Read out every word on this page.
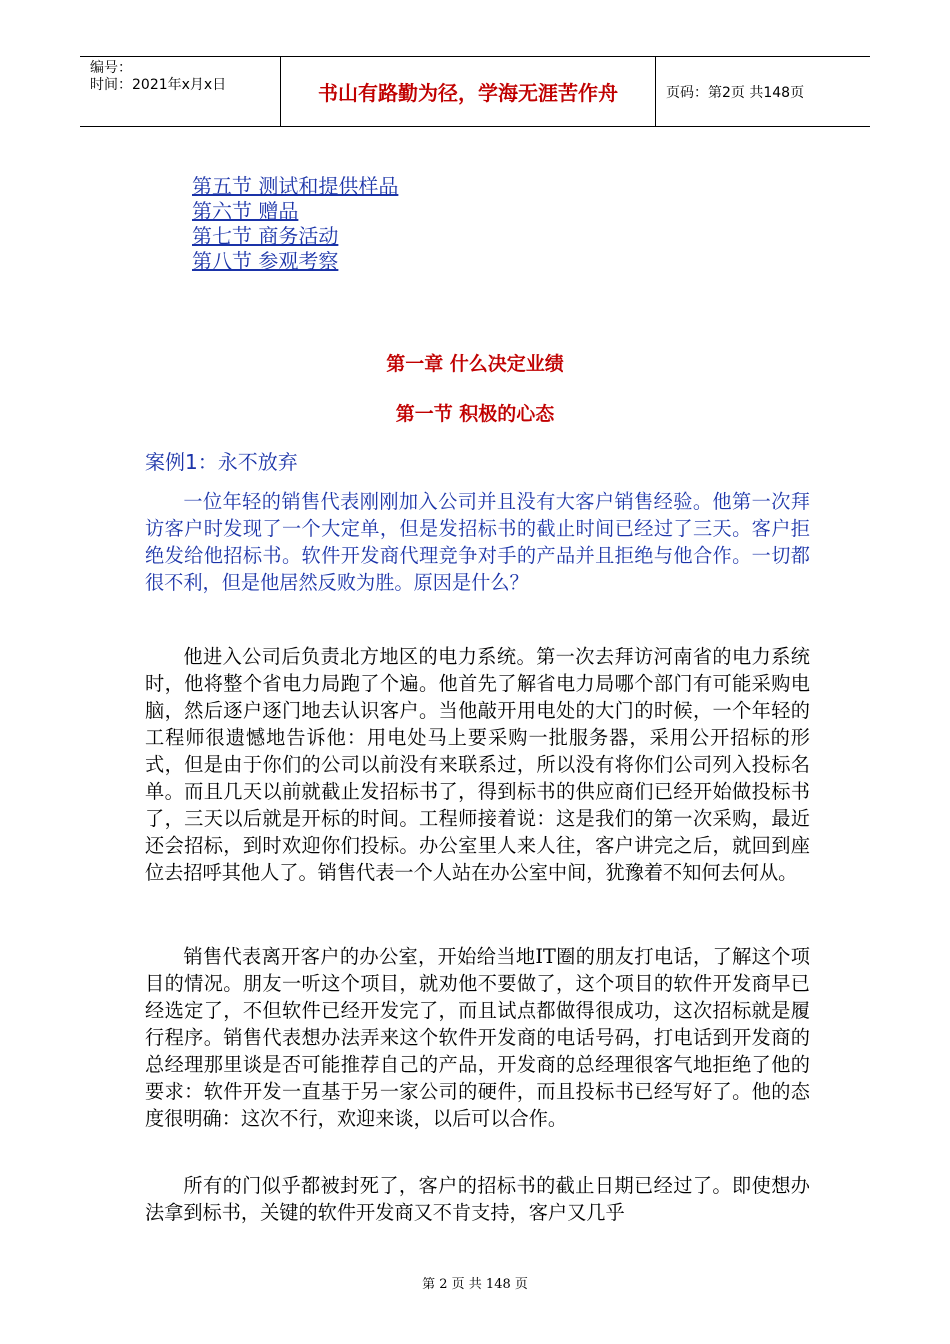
编号：
时间：2021年x月x日	书山有路勤为径，学海无涯苦作舟	页码：第2页 共148页
第五节 测试和提供样品
第六节 赠品
第七节 商务活动
第八节 参观考察
第一章 什么决定业绩
第一节 积极的心态
案例1：永不放弃

一位年轻的销售代表刚刚加入公司并且没有大客户销售经验。他第一次拜访客户时发现了一个大定单，但是发招标书的截止时间已经过了三天。客户拒绝发给他招标书。软件开发商代理竞争对手的产品并且拒绝与他合作。一切都很不利，但是他居然反败为胜。原因是什么？

他进入公司后负责北方地区的电力系统。第一次去拜访河南省的电力系统时，他将整个省电力局跑了个遍。他首先了解省电力局哪个部门有可能采购电脑，然后逐户逐门地去认识客户。当他敲开用电处的大门的时候，一个年轻的工程师很遗憾地告诉他：用电处马上要采购一批服务器，采用公开招标的形式，但是由于你们的公司以前没有来联系过，所以没有将你们公司列入投标名单。而且几天以前就截止发招标书了，得到标书的供应商们已经开始做投标书了，三天以后就是开标的时间。工程师接着说：这是我们的第一次采购，最近还会招标，到时欢迎你们投标。办公室里人来人往，客户讲完之后，就回到座位去招呼其他人了。销售代表一个人站在办公室中间，犹豫着不知何去何从。

销售代表离开客户的办公室，开始给当地IT圈的朋友打电话，了解这个项目的情况。朋友一听这个项目，就劝他不要做了，这个项目的软件开发商早已经选定了，不但软件已经开发完了，而且试点都做得很成功，这次招标就是履行程序。销售代表想办法弄来这个软件开发商的电话号码，打电话到开发商的总经理那里谈是否可能推荐自己的产品，开发商的总经理很客气地拒绝了他的要求：软件开发一直基于另一家公司的硬件，而且投标书已经写好了。他的态度很明确：这次不行，欢迎来谈，以后可以合作。

所有的门似乎都被封死了，客户的招标书的截止日期已经过了。即使想办法拿到标书，关键的软件开发商又不肯支持，客户又几乎

第 2 页 共 148 页
